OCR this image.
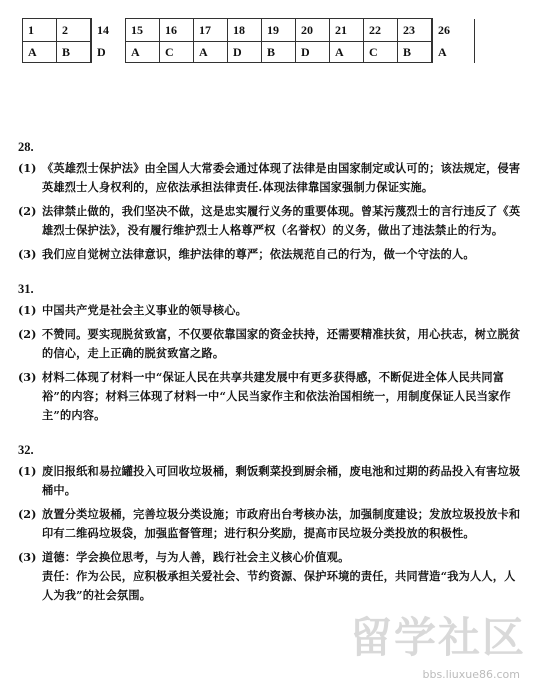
1	2	14	15	16	17	18	19	20	21	22	23	26
A	B	D	A	C	A	D	B	D	A	C	B	A
28.
(1) 《英雄烈士保护法》由全国人大常委会通过体现了法律是由国家制定或认可的；该法规定，侵害英雄烈士人身权利的，应依法承担法律责任.体现法律靠国家强制力保证实施。
(2) 法律禁止做的，我们坚决不做，这是忠实履行义务的重要体现。曾某污蔑烈士的言行违反了《英雄烈士保护法》，没有履行维护烈士人格尊严权（名誉权）的义务，做出了违法禁止的行为。
(3) 我们应自觉树立法律意识，维护法律的尊严；依法规范自己的行为，做一个守法的人。
31.
(1) 中国共产党是社会主义事业的领导核心。
(2) 不赞同。要实现脱贫致富，不仅要依靠国家的资金扶持，还需要精准扶贫，用心扶志，树立脱贫的信心，走上正确的脱贫致富之路。
(3) 材料二体现了材料一中“保证人民在共享共建发展中有更多获得感，不断促进全体人民共同富裕”的内容；材料三体现了材料一中“人民当家作主和依法治国相统一，用制度保证人民当家作主”的内容。
32.
(1) 废旧报纸和易拉罐投入可回收垃圾桶，剩饭剩菜投到厨余桶，废电池和过期的药品投入有害垃圾桶中。
(2) 放置分类垃圾桶，完善垃圾分类设施；市政府出台考核办法，加强制度建设；发放垃圾投放卡和印有二维码垃圾袋，加强监督管理；进行积分奖励，提高市民垃圾分类投放的积极性。
(3) 道德：学会换位思考，与为人善，践行社会主义核心价值观。
责任：作为公民，应积极承担关爱社会、节约资源、保护环境的责任，共同营造“我为人人，人人为我”的社会氛围。
留学社区
bbs.liuxue86.com
